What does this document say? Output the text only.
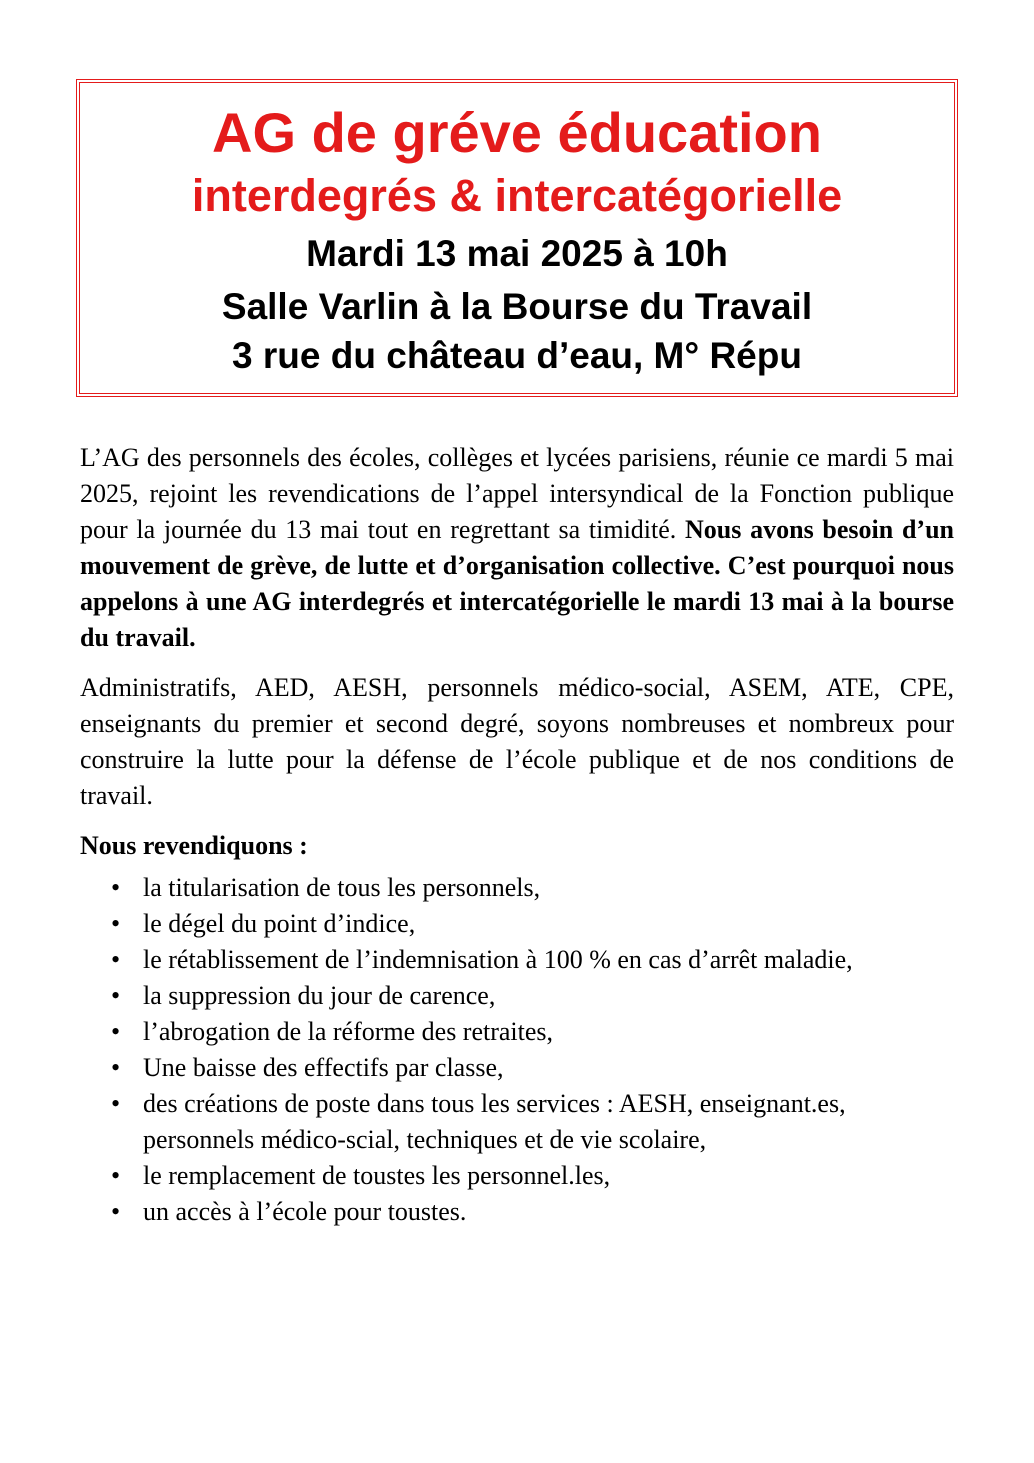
AG de gréve éducation
interdegrés & intercatégorielle
Mardi 13 mai 2025 à 10h
Salle Varlin à la Bourse du Travail
3 rue du château d’eau, M° Répu

L’AG des personnels des écoles, collèges et lycées parisiens, réunie ce mardi 5 mai 2025, rejoint les revendications de l’appel intersyndical de la Fonction publique pour la journée du 13 mai tout en regrettant sa timidité. Nous avons besoin d’un mouvement de grève, de lutte et d’organisation collective. C’est pourquoi nous appelons à une AG interdegrés et intercatégorielle le mardi 13 mai à la bourse du travail.

Administratifs, AED, AESH, personnels médico-social, ASEM, ATE, CPE, enseignants du premier et second degré, soyons nombreuses et nombreux pour construire la lutte pour la défense de l’école publique et de nos conditions de travail.

Nous revendiquons :
• la titularisation de tous les personnels,
• le dégel du point d’indice,
• le rétablissement de l’indemnisation à 100 % en cas d’arrêt maladie,
• la suppression du jour de carence,
• l’abrogation de la réforme des retraites,
• Une baisse des effectifs par classe,
• des créations de poste dans tous les services : AESH, enseignant.es, personnels médico-scial, techniques et de vie scolaire,
• le remplacement de toustes les personnel.les,
• un accès à l’école pour toustes.
